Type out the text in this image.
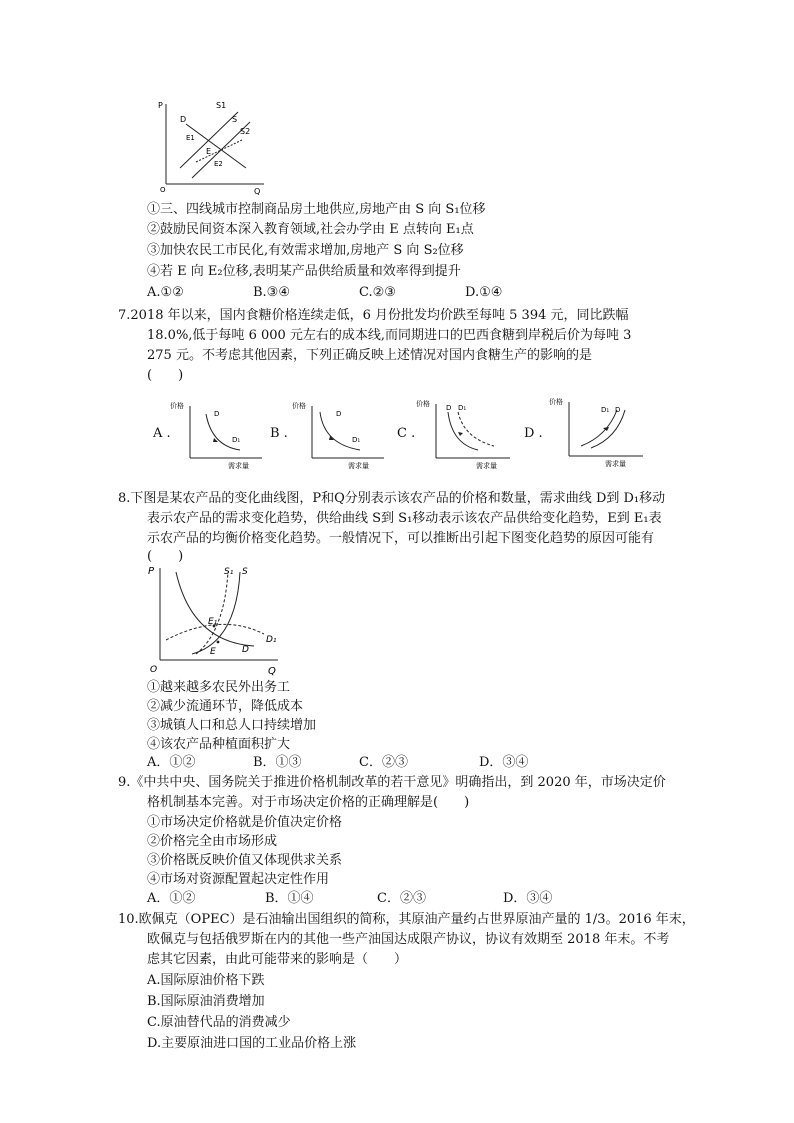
P	S1
S
S2
D
E1
E
E2
O	Q
①三、四线城市控制商品房土地供应,房地产由 S 向 S₁位移
②鼓励民间资本深入教育领域,社会办学由 E 点转向 E₁点
③加快农民工市民化,有效需求增加,房地产 S 向 S₂位移
④若 E 向 E₂位移,表明某产品供给质量和效率得到提升
A.①②	B.③④	C.②③	D.①④
7.2018 年以来，国内食糖价格连续走低，6 月份批发均价跌至每吨 5 394 元，同比跌幅
18.0%,低于每吨 6 000 元左右的成本线,而同期进口的巴西食糖到岸税后价为每吨 3
275 元。不考虑其他因素，下列正确反映上述情况对国内食糖生产的影响的是
(　　)
A .
价格
D
D₁
需求量
B .
价格
D
D₁
需求量
C .
价格 D D₁
需求量
D .
价格
D₁ D
需求量
8.下图是某农产品的变化曲线图，P和Q分别表示该农产品的价格和数量，需求曲线 D到 D₁移动
表示农产品的需求变化趋势，供给曲线 S到 S₁移动表示该农产品供给变化趋势，E到 E₁表
示农产品的均衡价格变化趋势。一般情况下，可以推断出引起下图变化趋势的原因可能有
(　　)
P	S₁ S
E₁
E	D
D₁
O	Q
①越来越多农民外出务工
②减少流通环节，降低成本
③城镇人口和总人口持续增加
④该农产品种植面积扩大
A．①②	B．①③	C．②③	D．③④
9.《中共中央、国务院关于推进价格机制改革的若干意见》明确指出，到 2020 年，市场决定价
格机制基本完善。对于市场决定价格的正确理解是(　　)
①市场决定价格就是价值决定价格
②价格完全由市场形成
③价格既反映价值又体现供求关系
④市场对资源配置起决定性作用
A．①②	B．①④	C．②③	D．③④
10.欧佩克（OPEC）是石油输出国组织的简称，其原油产量约占世界原油产量的 1/3。2016 年末，
欧佩克与包括俄罗斯在内的其他一些产油国达成限产协议，协议有效期至 2018 年末。不考
虑其它因素，由此可能带来的影响是（　　）
A.国际原油价格下跌
B.国际原油消费增加
C.原油替代品的消费减少
D.主要原油进口国的工业品价格上涨
